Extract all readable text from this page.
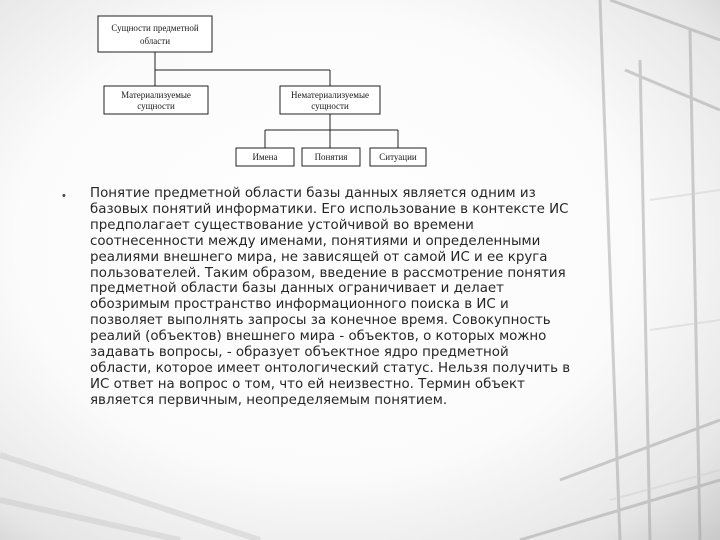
Сущности предметной
области
Материализуемые
сущности
Нематериализуемые
сущности
Имена	Понятия	Ситуации
• Понятие предметной области базы данных является одним из базовых понятий информатики. Его использование в контексте ИС предполагает существование устойчивой во времени соотнесенности между именами, понятиями и определенными реалиями внешнего мира, не зависящей от самой ИС и ее круга пользователей. Таким образом, введение в рассмотрение понятия предметной области базы данных ограничивает и делает обозримым пространство информационного поиска в ИС и позволяет выполнять запросы за конечное время. Совокупность реалий (объектов) внешнего мира - объектов, о которых можно задавать вопросы, - образует объектное ядро предметной области, которое имеет онтологический статус. Нельзя получить в ИС ответ на вопрос о том, что ей неизвестно. Термин объект является первичным, неопределяемым понятием.
